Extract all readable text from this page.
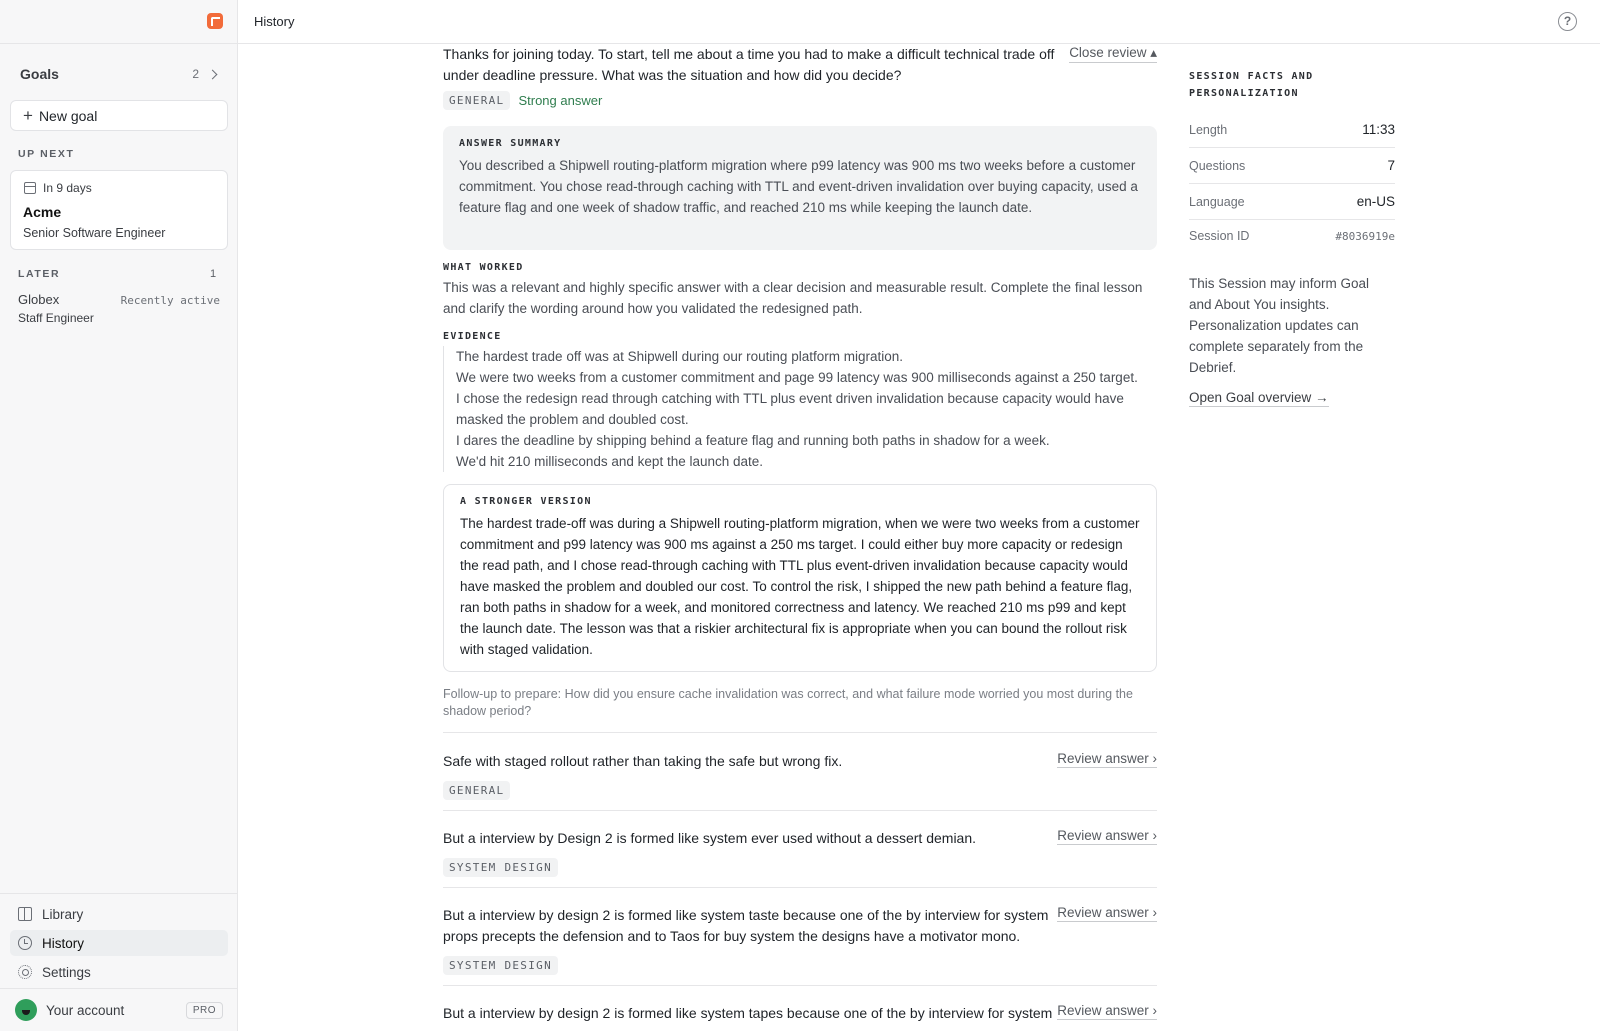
Goals	2
+ New goal
UP NEXT
In 9 days
Acme
Senior Software Engineer
LATER	1
Globex
Staff Engineer
Recently active
Library
History
Settings
Your account	PRO
History	?
Thanks for joining today. To start, tell me about a time you had to make a difficult technical trade off under deadline pressure. What was the situation and how did you decide?
Close review ▴
GENERAL	Strong answer
ANSWER SUMMARY
You described a Shipwell routing-platform migration where p99 latency was 900 ms two weeks before a customer commitment. You chose read-through caching with TTL and event-driven invalidation over buying capacity, used a feature flag and one week of shadow traffic, and reached 210 ms while keeping the launch date.
WHAT WORKED
This was a relevant and highly specific answer with a clear decision and measurable result. Complete the final lesson and clarify the wording around how you validated the redesigned path.
EVIDENCE
The hardest trade off was at Shipwell during our routing platform migration.
We were two weeks from a customer commitment and page 99 latency was 900 milliseconds against a 250 target.
I chose the redesign read through catching with TTL plus event driven invalidation because capacity would have masked the problem and doubled cost.
I dares the deadline by shipping behind a feature flag and running both paths in shadow for a week.
We'd hit 210 milliseconds and kept the launch date.
A STRONGER VERSION
The hardest trade-off was during a Shipwell routing-platform migration, when we were two weeks from a customer commitment and p99 latency was 900 ms against a 250 ms target. I could either buy more capacity or redesign the read path, and I chose read-through caching with TTL plus event-driven invalidation because capacity would have masked the problem and doubled our cost. To control the risk, I shipped the new path behind a feature flag, ran both paths in shadow for a week, and monitored correctness and latency. We reached 210 ms p99 and kept the launch date. The lesson was that a riskier architectural fix is appropriate when you can bound the rollout risk with staged validation.
Follow-up to prepare: How did you ensure cache invalidation was correct, and what failure mode worried you most during the shadow period?
Safe with staged rollout rather than taking the safe but wrong fix.	Review answer ›
GENERAL
But a interview by Design 2 is formed like system ever used without a dessert demian.	Review answer ›
SYSTEM DESIGN
But a interview by design 2 is formed like system taste because one of the by interview for system props precepts the defension and to Taos for buy system the designs have a motivator mono.
Review answer ›
SYSTEM DESIGN
But a interview by design 2 is formed like system tapes because one of the by interview for system Review answer ›
SESSION FACTS AND PERSONALIZATION
Length	11:33
Questions	7
Language	en-US
Session ID	#8036919e
This Session may inform Goal and About You insights. Personalization updates can complete separately from the Debrief.
Open Goal overview →
